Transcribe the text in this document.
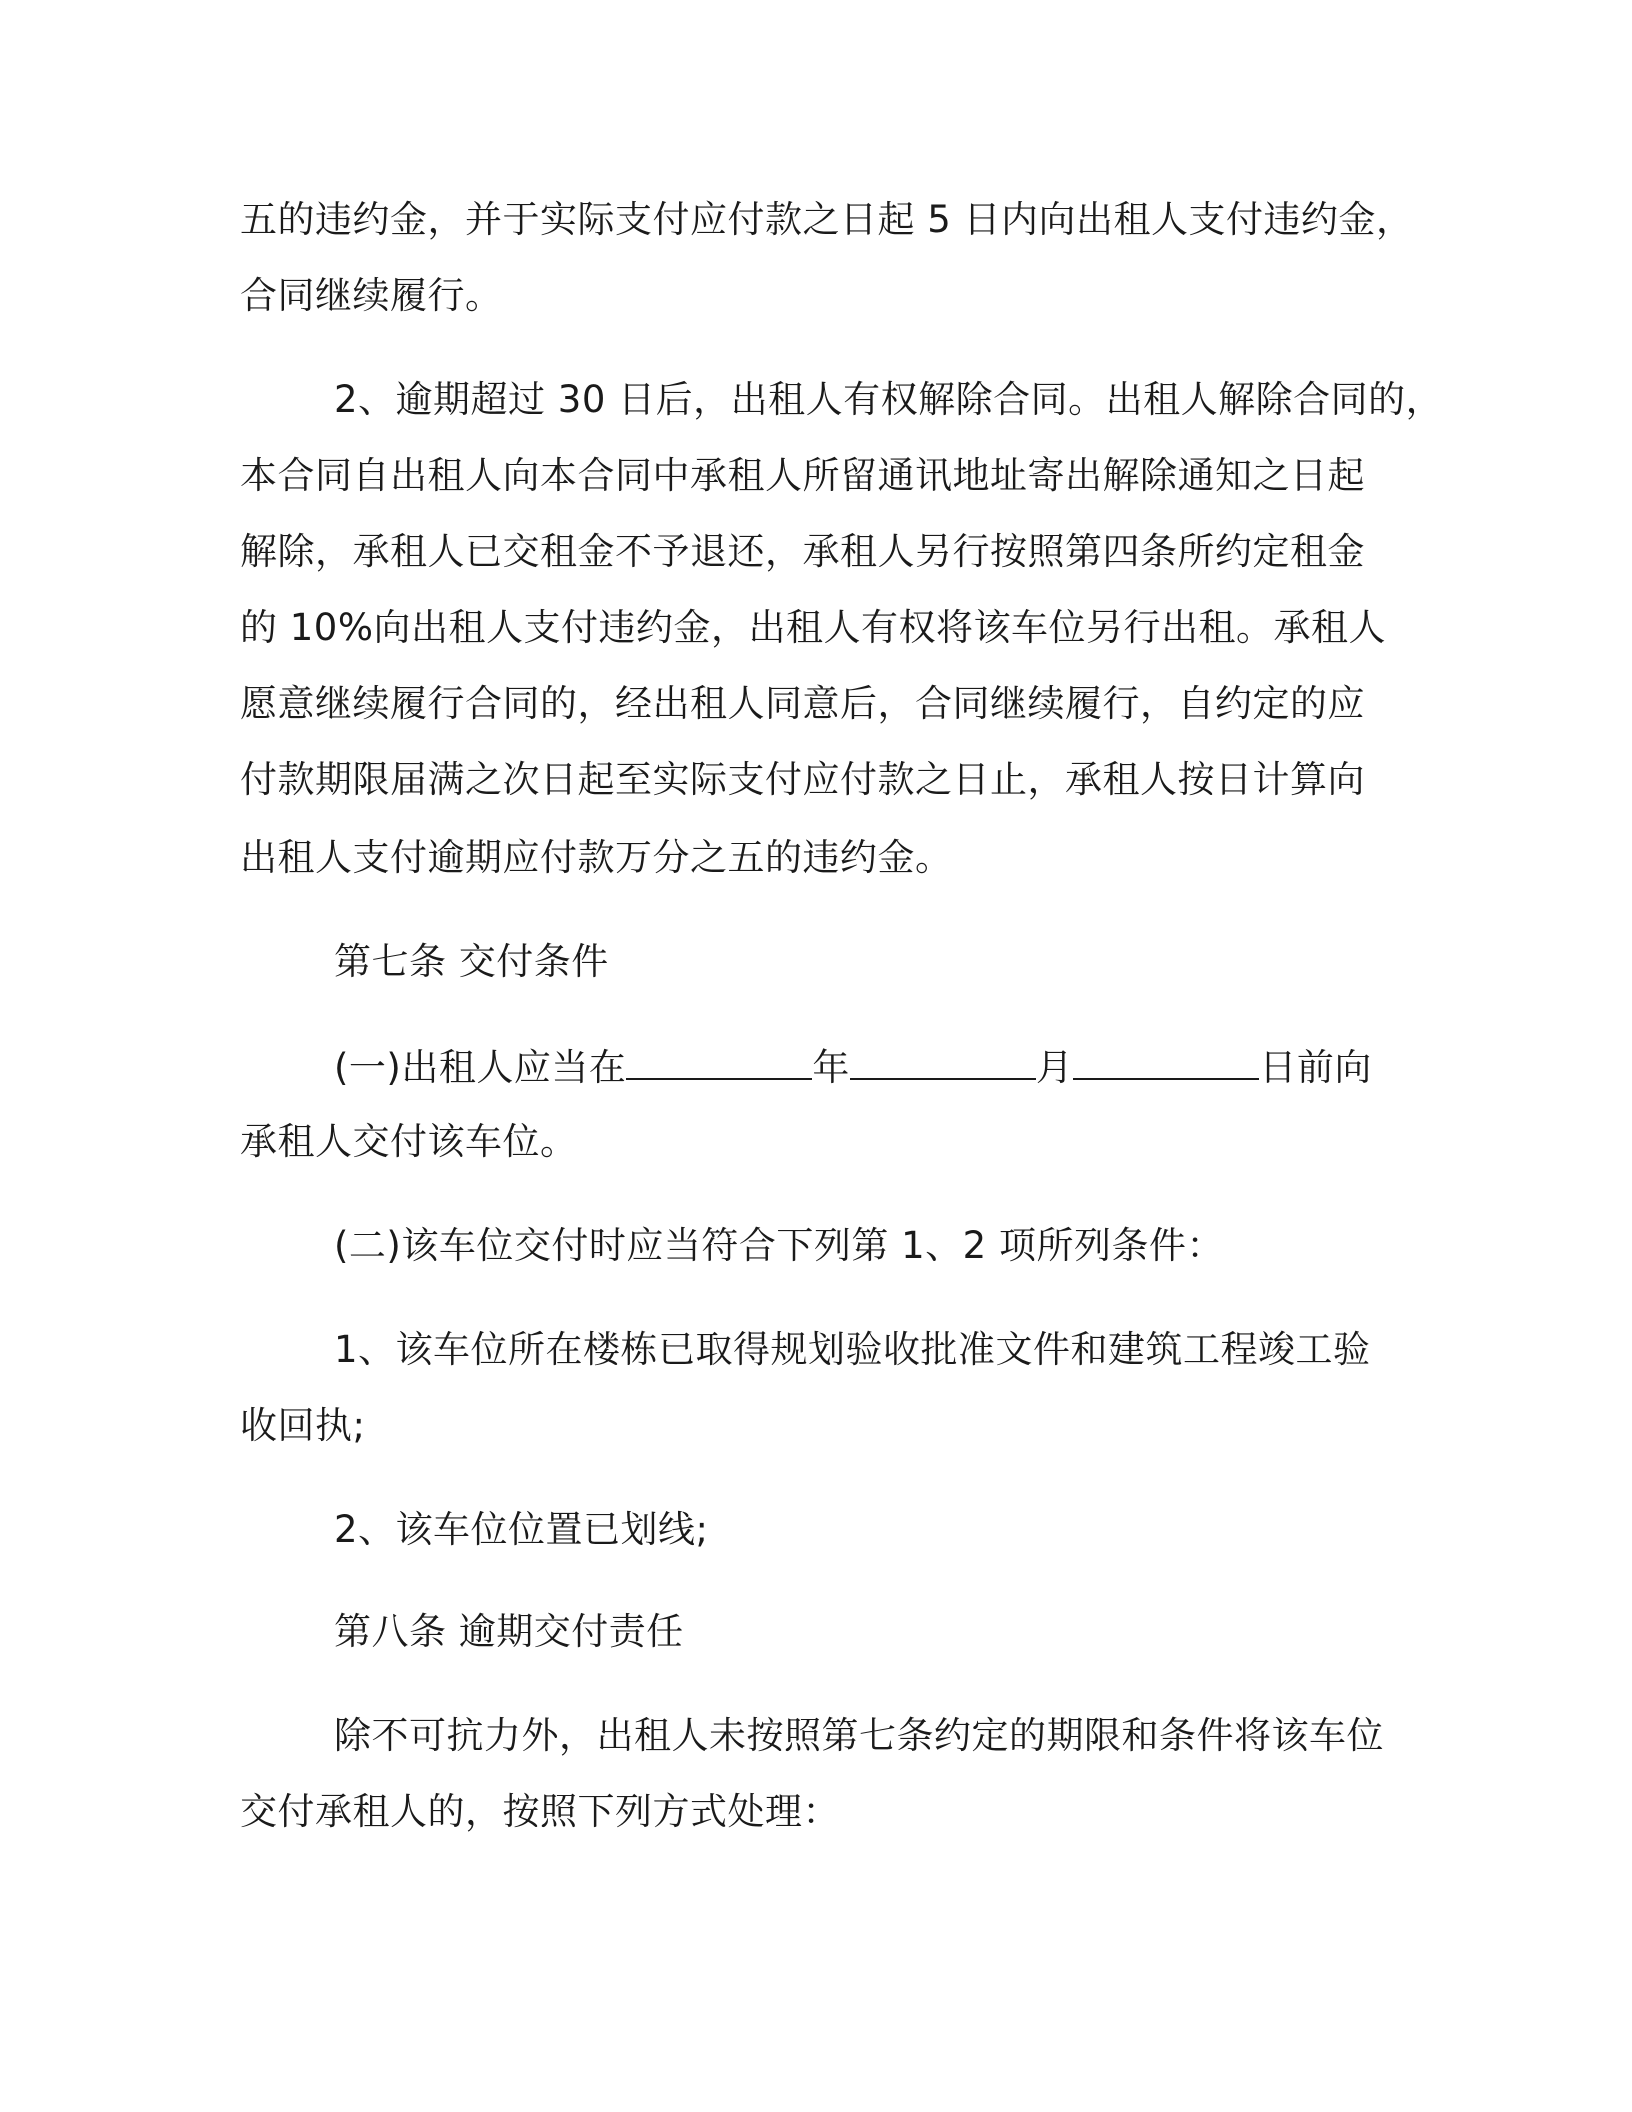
五的违约金，并于实际支付应付款之日起 5 日内向出租人支付违约金，
合同继续履行。
2、逾期超过 30 日后，出租人有权解除合同。出租人解除合同的，
本合同自出租人向本合同中承租人所留通讯地址寄出解除通知之日起
解除，承租人已交租金不予退还，承租人另行按照第四条所约定租金
的 10%向出租人支付违约金，出租人有权将该车位另行出租。承租人
愿意继续履行合同的，经出租人同意后，合同继续履行，自约定的应
付款期限届满之次日起至实际支付应付款之日止，承租人按日计算向
出租人支付逾期应付款万分之五的违约金。
第七条 交付条件
(一)出租人应当在	年	月	日前向
承租人交付该车位。
(二)该车位交付时应当符合下列第 1、2 项所列条件：
1、该车位所在楼栋已取得规划验收批准文件和建筑工程竣工验
收回执;
2、该车位位置已划线;
第八条 逾期交付责任
除不可抗力外，出租人未按照第七条约定的期限和条件将该车位
交付承租人的，按照下列方式处理：
